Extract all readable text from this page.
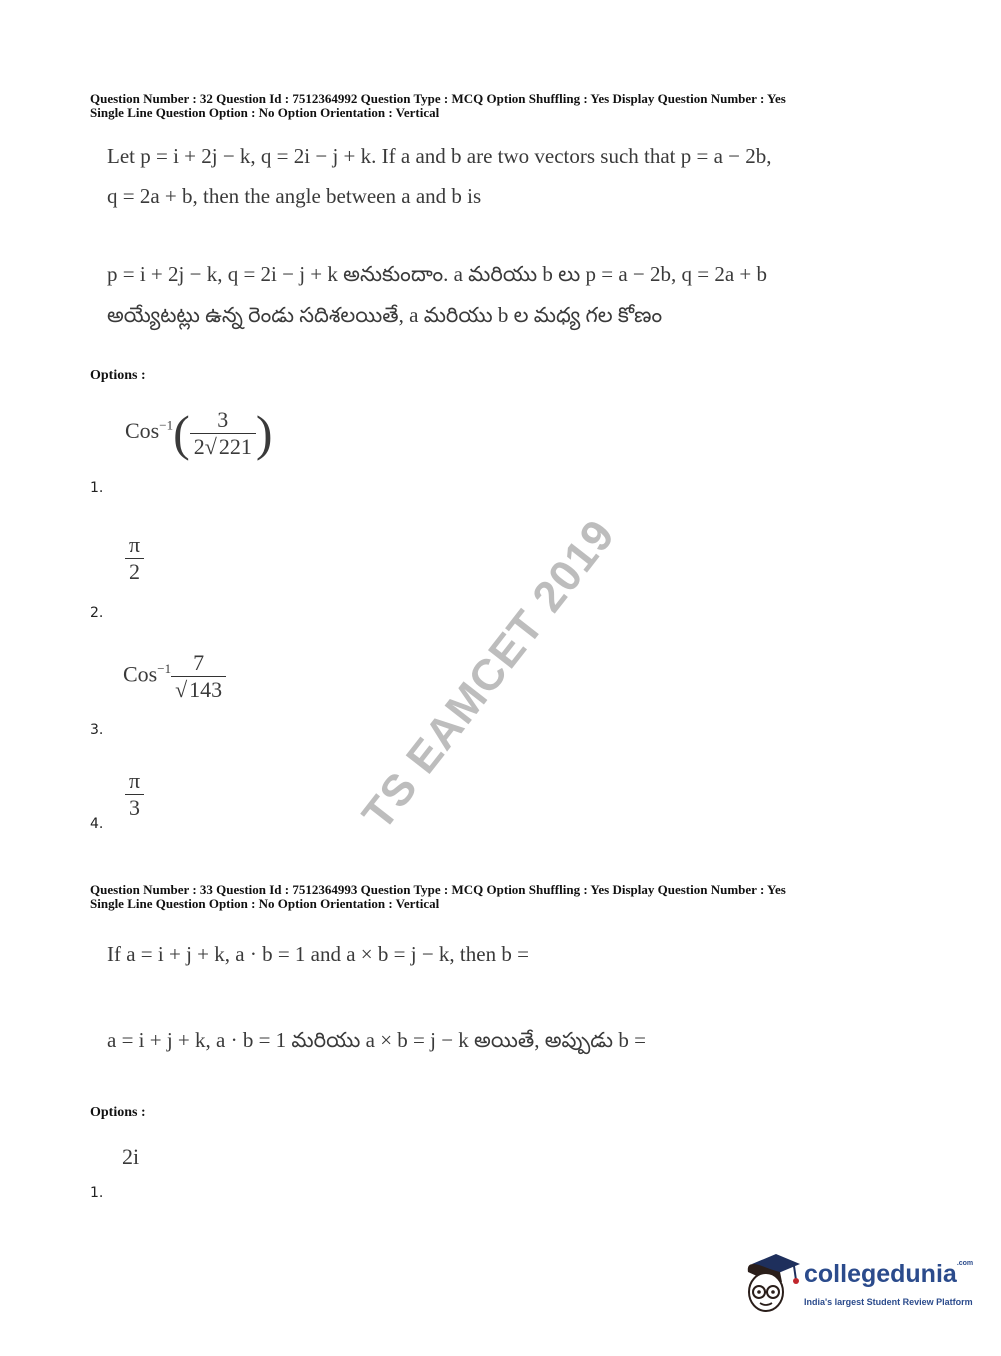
Question Number : 32 Question Id : 7512364992 Question Type : MCQ Option Shuffling : Yes Display Question Number : Yes
Single Line Question Option : No Option Orientation : Vertical
Let p = i + 2j − k, q = 2i − j + k. If a and b are two vectors such that p = a − 2b,
q = 2a + b, then the angle between a and b is
p = i + 2j − k, q = 2i − j + k అనుకుందాం. a మరియు b లు p = a − 2b, q = 2a + b
అయ్యేటట్లు ఉన్న రెండు సదిశలయితే, a మరియు b ల మధ్య గల కోణం
Options :
$Cos^{-1}( \frac{3}{2√221}$ )
1.
$\frac{\pi}{2}$
2.
$Cos^{-1} \frac{7}{√143}$
3.
$\frac{\pi}{3}$
4.	TS EAMCET 2019
Question Number : 33 Question Id : 7512364993 Question Type : MCQ Option Shuffling : Yes Display Question Number : Yes
Single Line Question Option : No Option Orientation : Vertical
If a = i + j + k, a · b = 1 and a × b = j − k, then b =
a = i + j + k, a · b = 1 మరియు a × b = j − k అయితే, అప్పుడు b =
Options :
2i
1.
collegedunia$^{.com}$
India's largest Student Review Platform
